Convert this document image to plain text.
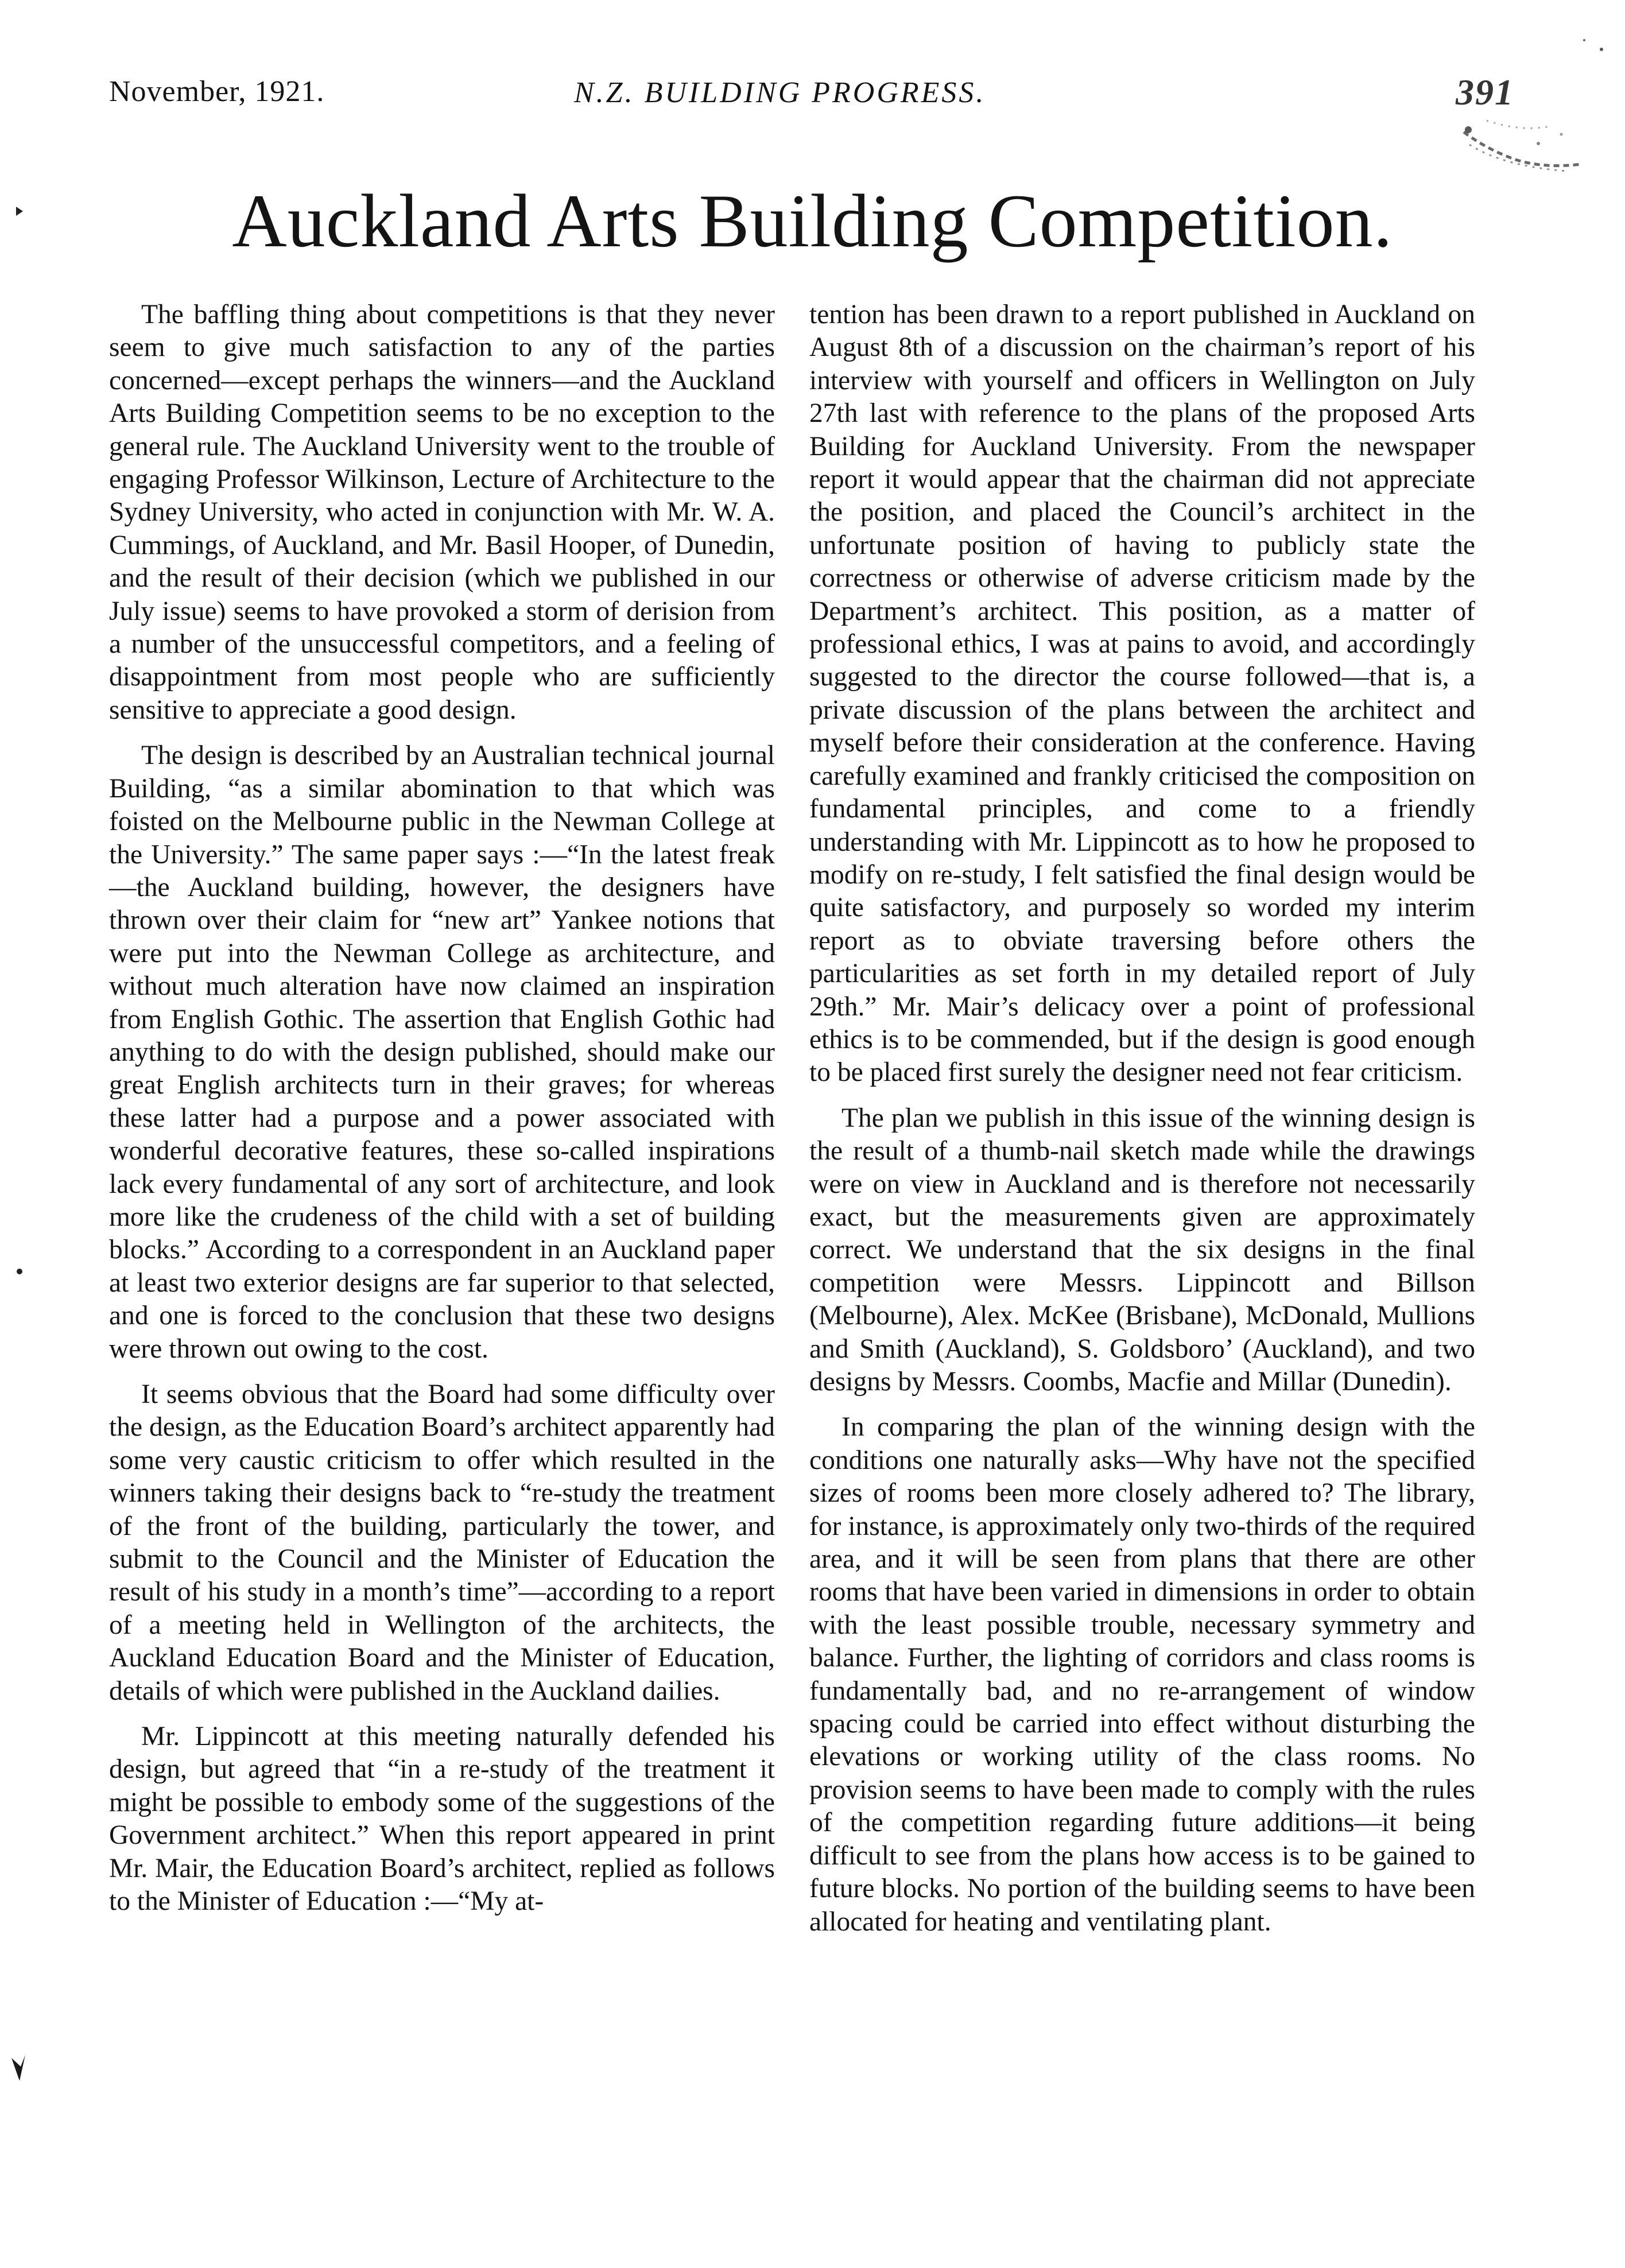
November, 1921.	N.Z. BUILDING PROGRESS.	391
Auckland Arts Building Competition.

The baffling thing about competitions is that they never seem to give much satisfaction to any of the parties concerned—except perhaps the winners—and the Auckland Arts Building Competition seems to be no exception to the general rule. The Auckland University went to the trouble of engaging Professor Wilkinson, Lecture of Architecture to the Sydney University, who acted in conjunction with Mr. W. A. Cummings, of Auckland, and Mr. Basil Hooper, of Dunedin, and the result of their decision (which we published in our July issue) seems to have provoked a storm of derision from a number of the unsuccessful competitors, and a feeling of disappointment from most people who are sufficiently sensitive to appreciate a good design.

The design is described by an Australian technical journal Building, “as a similar abomination to that which was foisted on the Melbourne public in the Newman College at the University.” The same paper says :—“In the latest freak—the Auckland building, however, the designers have thrown over their claim for “new art” Yankee notions that were put into the Newman College as architecture, and without much alteration have now claimed an inspiration from English Gothic. The assertion that English Gothic had anything to do with the design published, should make our great English architects turn in their graves; for whereas these latter had a purpose and a power associated with wonderful decorative features, these so-called inspirations lack every fundamental of any sort of architecture, and look more like the crudeness of the child with a set of building blocks.” According to a correspondent in an Auckland paper at least two exterior designs are far superior to that selected, and one is forced to the conclusion that these two designs were thrown out owing to the cost.

It seems obvious that the Board had some difficulty over the design, as the Education Board’s architect apparently had some very caustic criticism to offer which resulted in the winners taking their designs back to “re-study the treatment of the front of the building, particularly the tower, and submit to the Council and the Minister of Education the result of his study in a month’s time”—according to a report of a meeting held in Wellington of the architects, the Auckland Education Board and the Minister of Education, details of which were published in the Auckland dailies.

Mr. Lippincott at this meeting naturally defended his design, but agreed that “in a re-study of the treatment it might be possible to embody some of the suggestions of the Government architect.” When this report appeared in print Mr. Mair, the Education Board’s architect, replied as follows to the Minister of Education :—“My at-

tention has been drawn to a report published in Auckland on August 8th of a discussion on the chairman’s report of his interview with yourself and officers in Wellington on July 27th last with reference to the plans of the proposed Arts Building for Auckland University. From the newspaper report it would appear that the chairman did not appreciate the position, and placed the Council’s architect in the unfortunate position of having to publicly state the correctness or otherwise of adverse criticism made by the Department’s architect. This position, as a matter of professional ethics, I was at pains to avoid, and accordingly suggested to the director the course followed—that is, a private discussion of the plans between the architect and myself before their consideration at the conference. Having carefully examined and frankly criticised the composition on fundamental principles, and come to a friendly understanding with Mr. Lippincott as to how he proposed to modify on re-study, I felt satisfied the final design would be quite satisfactory, and purposely so worded my interim report as to obviate traversing before others the particularities as set forth in my detailed report of July 29th.” Mr. Mair’s delicacy over a point of professional ethics is to be commended, but if the design is good enough to be placed first surely the designer need not fear criticism.

The plan we publish in this issue of the winning design is the result of a thumb-nail sketch made while the drawings were on view in Auckland and is therefore not necessarily exact, but the measurements given are approximately correct. We understand that the six designs in the final competition were Messrs. Lippincott and Billson (Melbourne), Alex. McKee (Brisbane), McDonald, Mullions and Smith (Auckland), S. Goldsboro’ (Auckland), and two designs by Messrs. Coombs, Macfie and Millar (Dunedin).

In comparing the plan of the winning design with the conditions one naturally asks—Why have not the specified sizes of rooms been more closely adhered to? The library, for instance, is approximately only two-thirds of the required area, and it will be seen from plans that there are other rooms that have been varied in dimensions in order to obtain with the least possible trouble, necessary symmetry and balance. Further, the lighting of corridors and class rooms is fundamentally bad, and no re-arrangement of window spacing could be carried into effect without disturbing the elevations or working utility of the class rooms. No provision seems to have been made to comply with the rules of the competition regarding future additions—it being difficult to see from the plans how access is to be gained to future blocks. No portion of the building seems to have been allocated for heating and ventilating plant.
